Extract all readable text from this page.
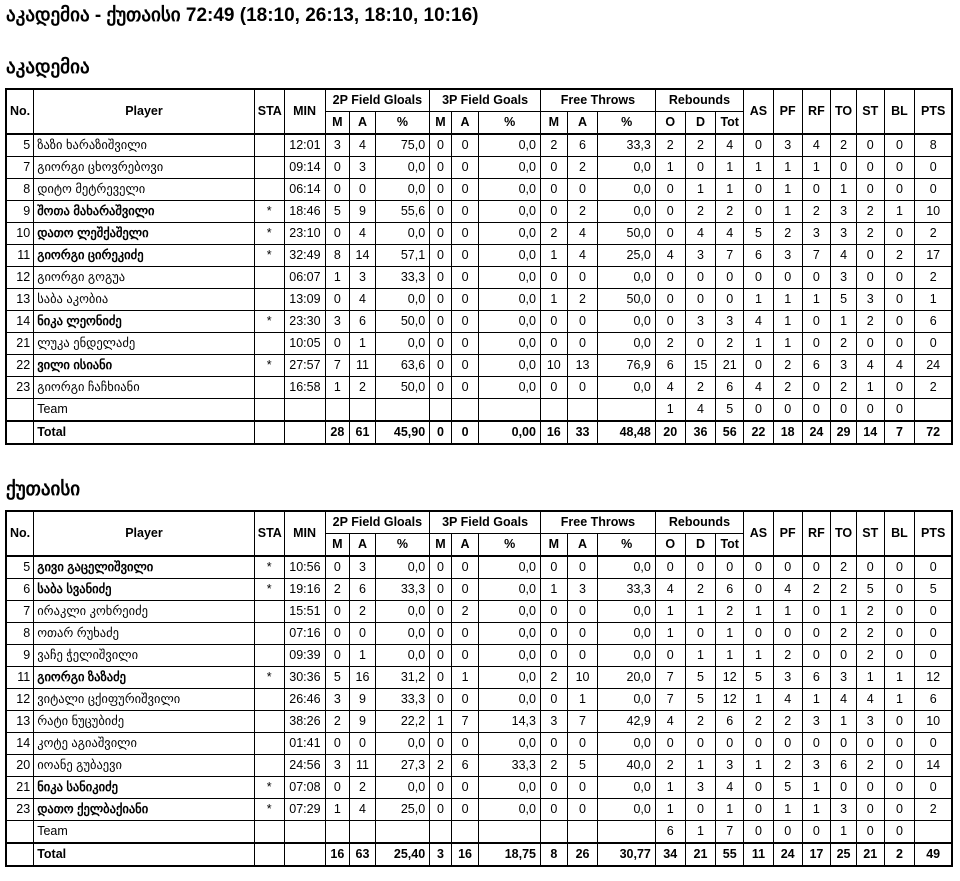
აკადემია - ქუთაისი 72:49 (18:10, 26:13, 18:10, 10:16)
აკადემია
No.	Player	STA	MIN	2P Field Gloals			3P Field Goals			Free Throws			Rebounds			AS	PF	RF	TO	ST	BL	PTS
				M	A	%	M	A	%	M	A	%	O	D	Tot							
5	ზაზი ხარაზიშვილი		12:01	3	4	75,0	0	0	0,0	2	6	33,3	2	2	4	0	3	4	2	0	0	8
7	გიორგი ცხოვრებოვი		09:14	0	3	0,0	0	0	0,0	0	2	0,0	1	0	1	1	1	1	0	0	0	0
8	დიტო მეტრეველი		06:14	0	0	0,0	0	0	0,0	0	0	0,0	0	1	1	0	1	0	1	0	0	0
9	შოთა მახარაშვილი	*	18:46	5	9	55,6	0	0	0,0	0	2	0,0	0	2	2	0	1	2	3	2	1	10
10	დათო ლეშქაშელი	*	23:10	0	4	0,0	0	0	0,0	2	4	50,0	0	4	4	5	2	3	3	2	0	2
11	გიორგი ცირეკიძე	*	32:49	8	14	57,1	0	0	0,0	1	4	25,0	4	3	7	6	3	7	4	0	2	17
12	გიორგი გოგუა		06:07	1	3	33,3	0	0	0,0	0	0	0,0	0	0	0	0	0	0	3	0	0	2
13	საბა აკობია		13:09	0	4	0,0	0	0	0,0	1	2	50,0	0	0	0	1	1	1	5	3	0	1
14	ნიკა ლეონიძე	*	23:30	3	6	50,0	0	0	0,0	0	0	0,0	0	3	3	4	1	0	1	2	0	6
21	ლუკა ენდელაძე		10:05	0	1	0,0	0	0	0,0	0	0	0,0	2	0	2	1	1	0	2	0	0	0
22	ვილი ისიანი	*	27:57	7	11	63,6	0	0	0,0	10	13	76,9	6	15	21	0	2	6	3	4	4	24
23	გიორგი ჩაჩხიანი		16:58	1	2	50,0	0	0	0,0	0	0	0,0	4	2	6	4	2	0	2	1	0	2
	Team												1	4	5	0	0	0	0	0	0	
	Total			28	61	45,90	0	0	0,00	16	33	48,48	20	36	56	22	18	24	29	14	7	72
ქუთაისი
No.	Player	STA	MIN	2P Field Gloals			3P Field Goals			Free Throws			Rebounds			AS	PF	RF	TO	ST	BL	PTS
				M	A	%	M	A	%	M	A	%	O	D	Tot							
5	გივი გაცელიშვილი	*	10:56	0	3	0,0	0	0	0,0	0	0	0,0	0	0	0	0	0	0	2	0	0	0
6	საბა სვანიძე	*	19:16	2	6	33,3	0	0	0,0	1	3	33,3	4	2	6	0	4	2	2	5	0	5
7	ირაკლი კოხრეიძე		15:51	0	2	0,0	0	2	0,0	0	0	0,0	1	1	2	1	1	0	1	2	0	0
8	ოთარ რუხაძე		07:16	0	0	0,0	0	0	0,0	0	0	0,0	1	0	1	0	0	0	2	2	0	0
9	ვაჩე ჭელიშვილი		09:39	0	1	0,0	0	0	0,0	0	0	0,0	0	1	1	1	2	0	0	2	0	0
11	გიორგი ზაზაძე	*	30:36	5	16	31,2	0	1	0,0	2	10	20,0	7	5	12	5	3	6	3	1	1	12
12	ვიტალი ცქიფურიშვილი		26:46	3	9	33,3	0	0	0,0	0	1	0,0	7	5	12	1	4	1	4	4	1	6
13	რატი ნუცუბიძე		38:26	2	9	22,2	1	7	14,3	3	7	42,9	4	2	6	2	2	3	1	3	0	10
14	კოტე აგიაშვილი		01:41	0	0	0,0	0	0	0,0	0	0	0,0	0	0	0	0	0	0	0	0	0	0
20	იოანე გუბაევი		24:56	3	11	27,3	2	6	33,3	2	5	40,0	2	1	3	1	2	3	6	2	0	14
21	ნიკა სანიკიძე	*	07:08	0	2	0,0	0	0	0,0	0	0	0,0	1	3	4	0	5	1	0	0	0	0
23	დათო ქელბაქიანი	*	07:29	1	4	25,0	0	0	0,0	0	0	0,0	1	0	1	0	1	1	3	0	0	2
	Team												6	1	7	0	0	0	1	0	0	
	Total			16	63	25,40	3	16	18,75	8	26	30,77	34	21	55	11	24	17	25	21	2	49
